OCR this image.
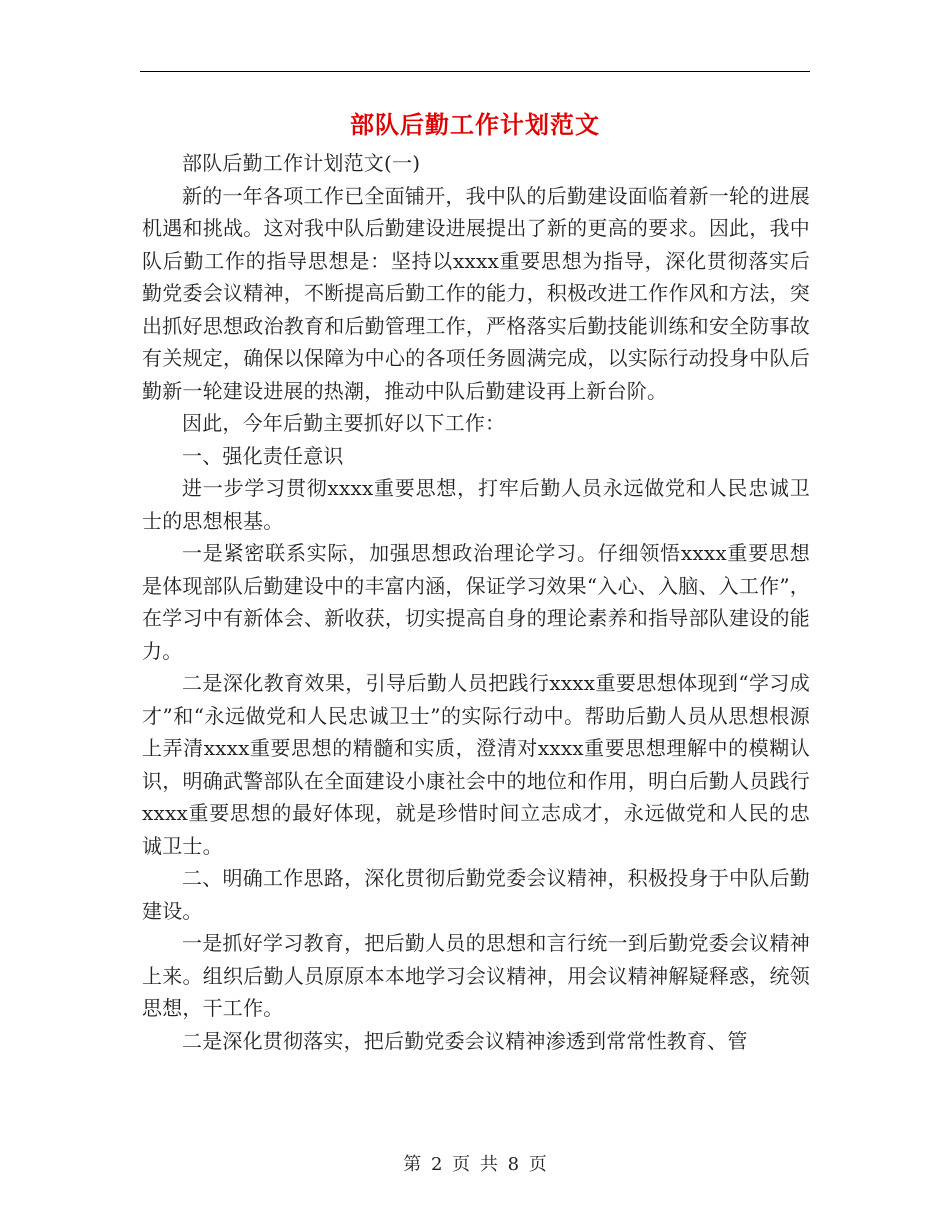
部队后勤工作计划范文

部队后勤工作计划范文(一)

新的一年各项工作已全面铺开，我中队的后勤建设面临着新一轮的进展机遇和挑战。这对我中队后勤建设进展提出了新的更高的要求。因此，我中队后勤工作的指导思想是：坚持以xxxx重要思想为指导，深化贯彻落实后勤党委会议精神，不断提高后勤工作的能力，积极改进工作作风和方法，突出抓好思想政治教育和后勤管理工作，严格落实后勤技能训练和安全防事故有关规定，确保以保障为中心的各项任务圆满完成，以实际行动投身中队后勤新一轮建设进展的热潮，推动中队后勤建设再上新台阶。

因此，今年后勤主要抓好以下工作：

一、强化责任意识

进一步学习贯彻xxxx重要思想，打牢后勤人员永远做党和人民忠诚卫士的思想根基。

一是紧密联系实际，加强思想政治理论学习。仔细领悟xxxx重要思想是体现部队后勤建设中的丰富内涵，保证学习效果“入心、入脑、入工作”，在学习中有新体会、新收获，切实提高自身的理论素养和指导部队建设的能力。

二是深化教育效果，引导后勤人员把践行xxxx重要思想体现到“学习成才”和“永远做党和人民忠诚卫士”的实际行动中。帮助后勤人员从思想根源上弄清xxxx重要思想的精髓和实质，澄清对xxxx重要思想理解中的模糊认识，明确武警部队在全面建设小康社会中的地位和作用，明白后勤人员践行xxxx重要思想的最好体现，就是珍惜时间立志成才，永远做党和人民的忠诚卫士。

二、明确工作思路，深化贯彻后勤党委会议精神，积极投身于中队后勤建设。

一是抓好学习教育，把后勤人员的思想和言行统一到后勤党委会议精神上来。组织后勤人员原原本本地学习会议精神，用会议精神解疑释惑，统领思想，干工作。

二是深化贯彻落实，把后勤党委会议精神渗透到常常性教育、管

第 2 页 共 8 页
